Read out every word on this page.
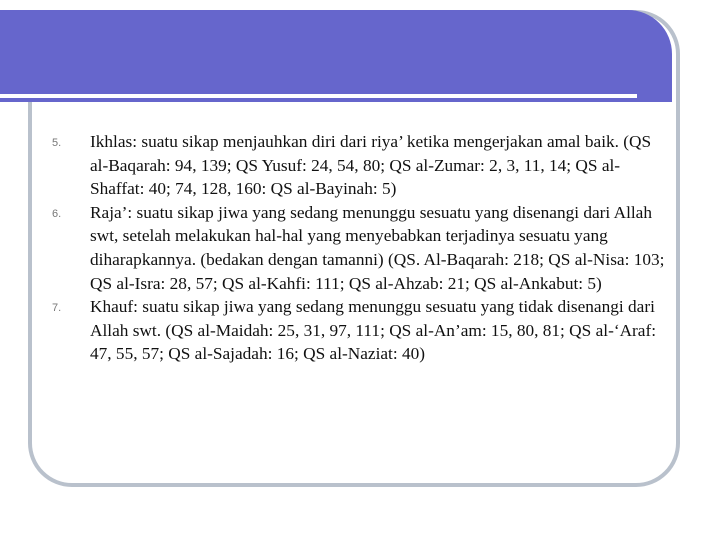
5.	Ikhlas: suatu sikap menjauhkan diri dari riya’ ketika mengerjakan amal baik. (QS al-Baqarah: 94, 139; QS Yusuf: 24, 54, 80; QS al-Zumar: 2, 3, 11, 14; QS al-Shaffat: 40; 74, 128, 160: QS al-Bayinah: 5)
6.	Raja’: suatu sikap jiwa yang sedang menunggu sesuatu yang disenangi dari Allah swt, setelah melakukan hal-hal yang menyebabkan terjadinya sesuatu yang diharapkannya. (bedakan dengan tamanni) (QS. Al-Baqarah: 218; QS al-Nisa: 103; QS al-Isra: 28, 57; QS al-Kahfi: 111; QS al-Ahzab: 21; QS al-Ankabut: 5)
7.	Khauf: suatu sikap jiwa yang sedang menunggu sesuatu yang tidak disenangi dari Allah swt. (QS al-Maidah: 25, 31, 97, 111; QS al-An’am: 15, 80, 81; QS al-‘Araf: 47, 55, 57; QS al-Sajadah: 16; QS al-Naziat: 40)
